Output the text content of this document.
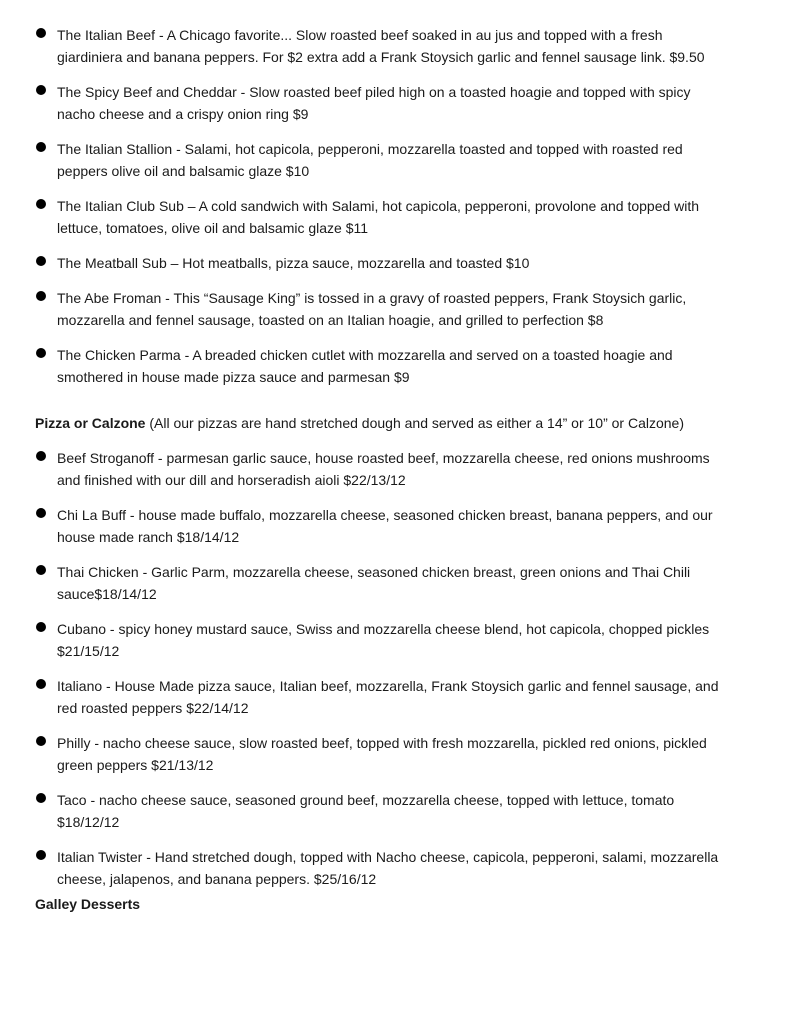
The Italian Beef - A Chicago favorite... Slow roasted beef soaked in au jus and topped with a fresh giardiniera and banana peppers. For $2 extra add a Frank Stoysich garlic and fennel sausage link. $9.50
The Spicy Beef and Cheddar - Slow roasted beef piled high on a toasted hoagie and topped with spicy nacho cheese and a crispy onion ring $9
The Italian Stallion - Salami, hot capicola, pepperoni, mozzarella toasted and topped with roasted red peppers olive oil and balsamic glaze $10
The Italian Club Sub – A cold sandwich with Salami, hot capicola, pepperoni, provolone and topped with lettuce, tomatoes, olive oil and balsamic glaze $11
The Meatball Sub – Hot meatballs, pizza sauce, mozzarella and toasted $10
The Abe Froman - This “Sausage King” is tossed in a gravy of roasted peppers, Frank Stoysich garlic, mozzarella and fennel sausage, toasted on an Italian hoagie, and grilled to perfection $8
The Chicken Parma - A breaded chicken cutlet with mozzarella and served on a toasted hoagie and smothered in house made pizza sauce and parmesan $9
Pizza or Calzone (All our pizzas are hand stretched dough and served as either a 14” or 10” or Calzone)
Beef Stroganoff - parmesan garlic sauce, house roasted beef, mozzarella cheese, red onions mushrooms and finished with our dill and horseradish aioli $22/13/12
Chi La Buff - house made buffalo, mozzarella cheese, seasoned chicken breast, banana peppers, and our house made ranch $18/14/12
Thai Chicken - Garlic Parm, mozzarella cheese, seasoned chicken breast, green onions and Thai Chili sauce$18/14/12
Cubano - spicy honey mustard sauce, Swiss and mozzarella cheese blend, hot capicola, chopped pickles $21/15/12
Italiano - House Made pizza sauce, Italian beef, mozzarella, Frank Stoysich garlic and fennel sausage, and red roasted peppers $22/14/12
Philly - nacho cheese sauce, slow roasted beef, topped with fresh mozzarella, pickled red onions, pickled green peppers $21/13/12
Taco - nacho cheese sauce, seasoned ground beef, mozzarella cheese, topped with lettuce, tomato $18/12/12
Italian Twister - Hand stretched dough, topped with Nacho cheese, capicola, pepperoni, salami, mozzarella cheese, jalapenos, and banana peppers. $25/16/12
Galley Desserts
